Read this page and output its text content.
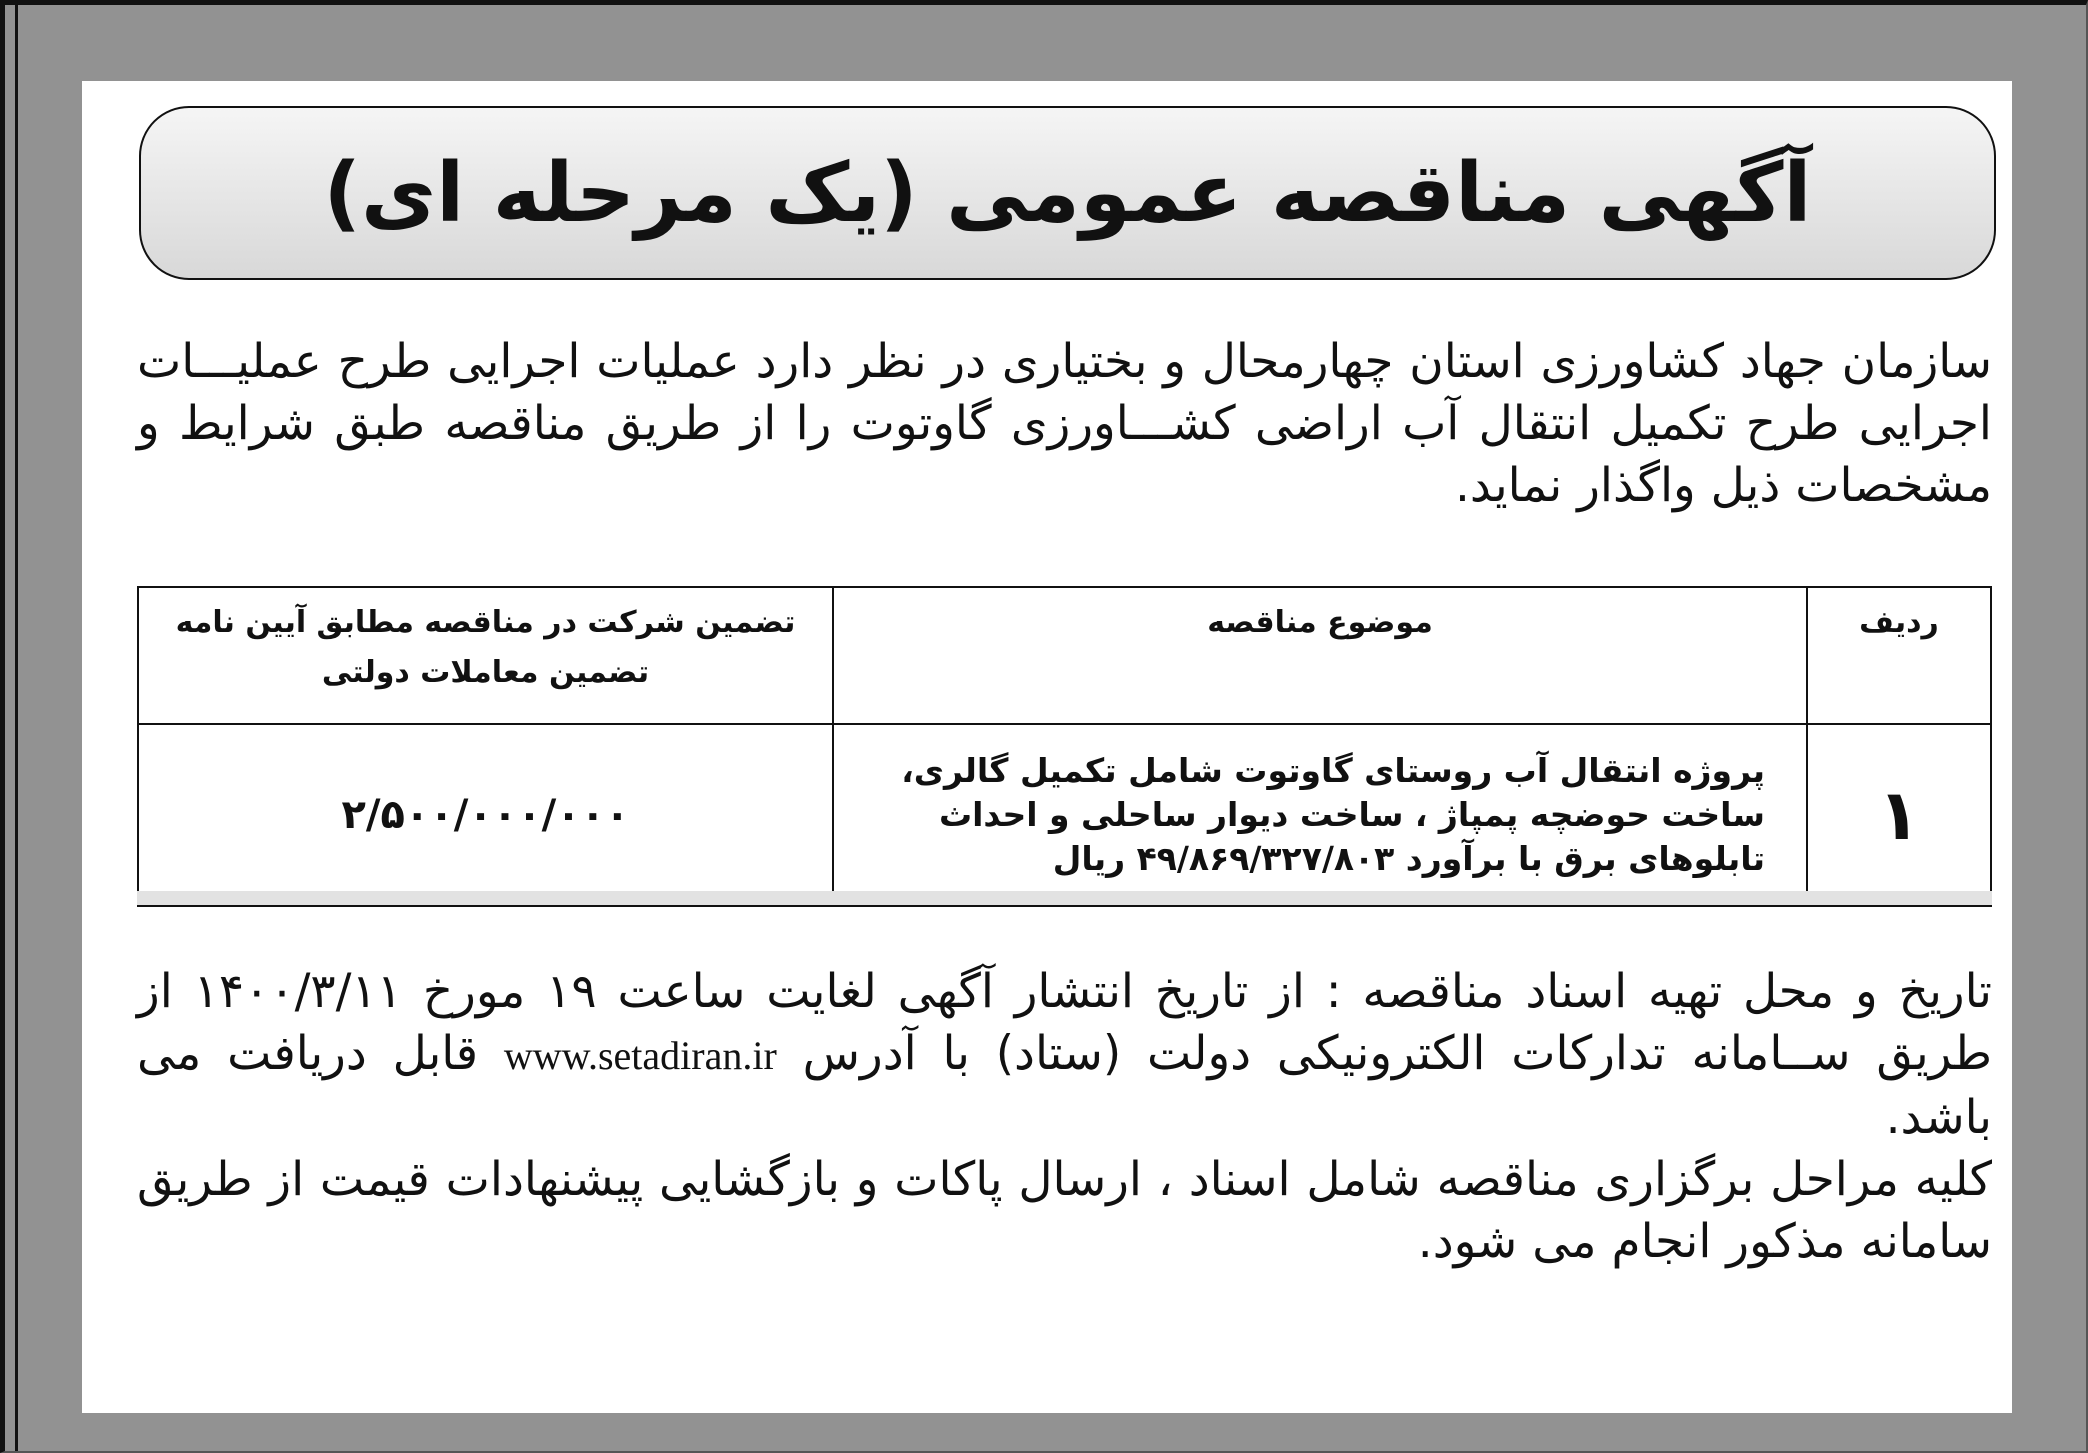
آگهی مناقصه عمومی (یک مرحله ای)
سازمان جهاد کشاورزی استان چهارمحال و بختیاری در نظر دارد عملیات اجرایی طرح عملیـــات اجرایی طرح تکمیل انتقال آب اراضی کشـــاورزی گاوتوت را از طریق مناقصه طبق شرایط و مشخصات ذیل واگذار نماید.
ردیف	موضوع مناقصه	تضمین شرکت در مناقصه مطابق آیین نامه تضمین معاملات دولتی
۱	پروژه انتقال آب روستای گاوتوت شامل تکمیل گالری،
ساخت حوضچه پمپاژ ، ساخت دیوار ساحلی و احداث
تابلوهای برق با برآورد ۴۹/۸۶۹/۳۲۷/۸۰۳ ریال	۲/۵۰۰/۰۰۰/۰۰۰

تاریخ و محل تهیه اسناد مناقصه : از تاریخ انتشار آگهی لغایت ساعت ۱۹ مورخ ۱۴۰۰/۳/۱۱ از طریق ســامانه تدارکات الکترونیکی دولت (ستاد) با آدرس www.setadiran.ir قابل دریافت می باشد.

کلیه مراحل برگزاری مناقصه شامل اسناد ، ارسال پاکات و بازگشایی پیشنهادات قیمت از طریق سامانه مذکور انجام می شود.
